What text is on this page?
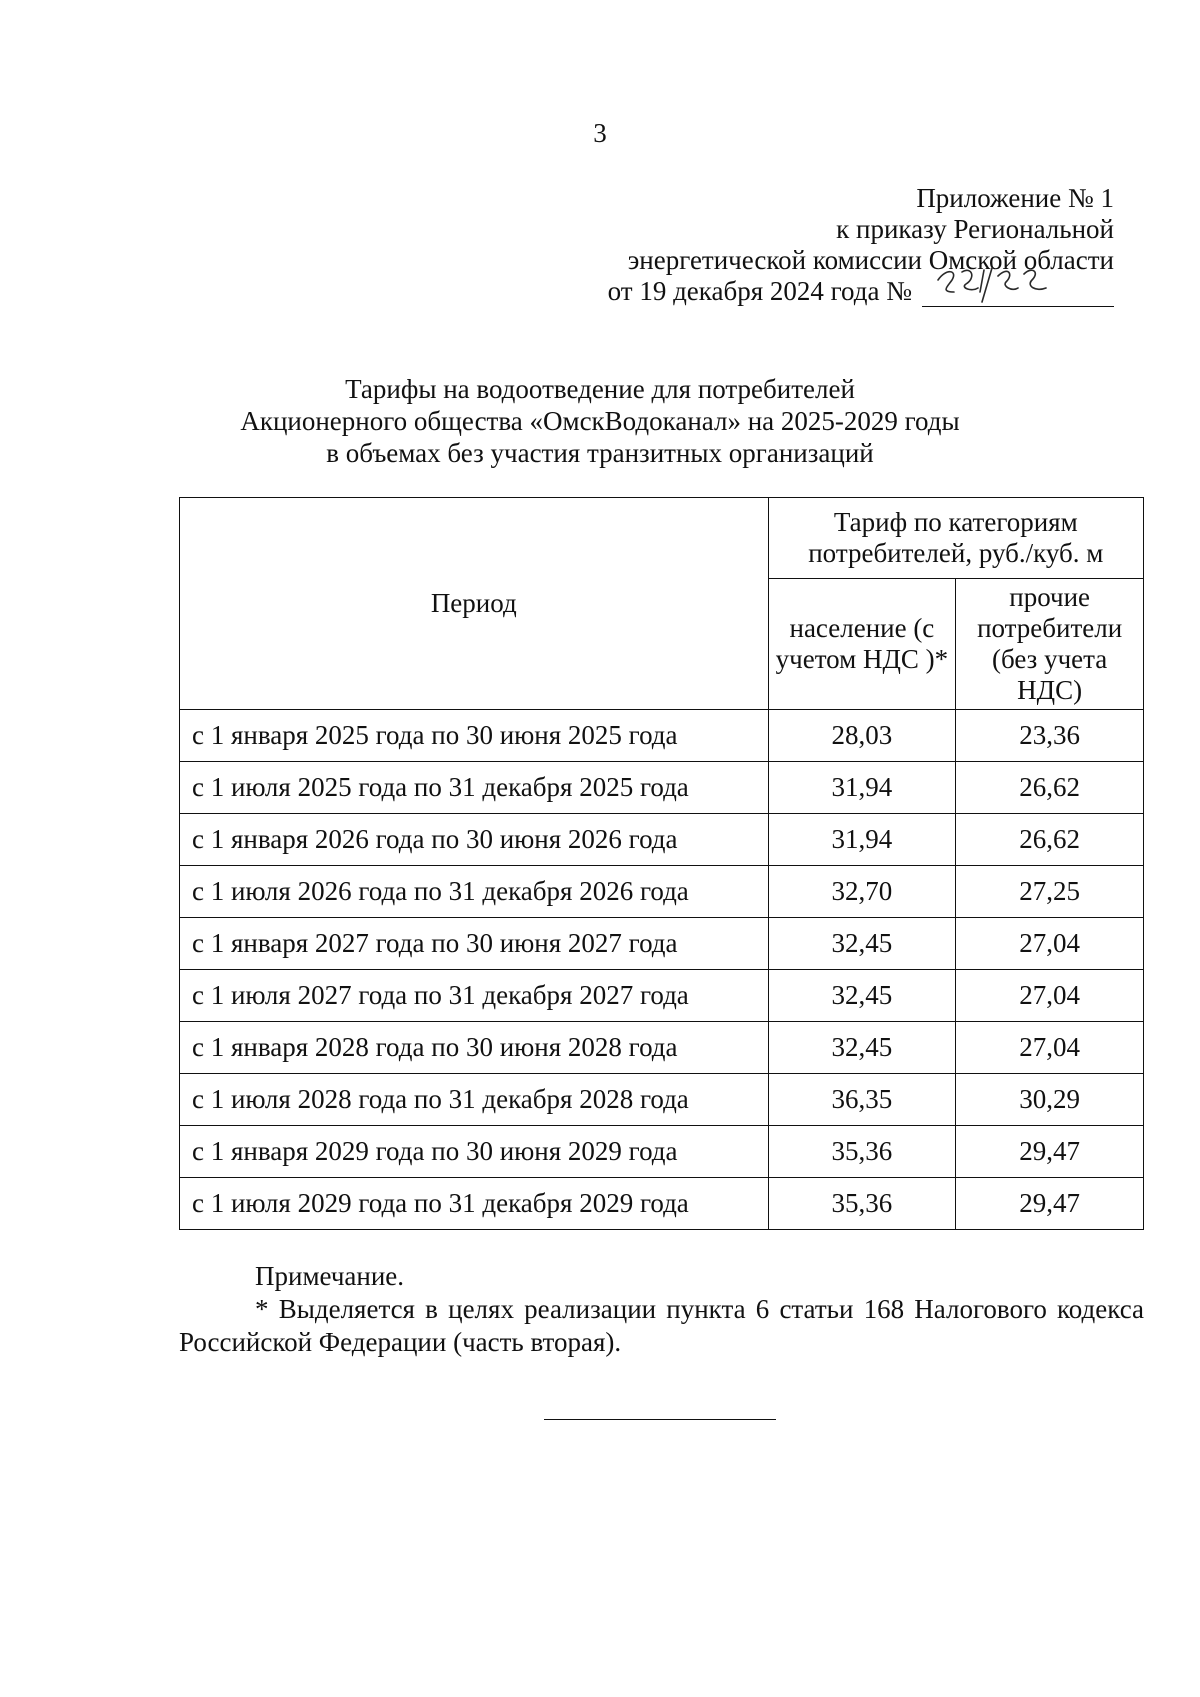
3
Приложение № 1
к приказу Региональной
энергетической комиссии Омской области
от 19 декабря 2024 года №
Тарифы на водоотведение для потребителей
Акционерного общества «ОмскВодоканал» на 2025-2029 годы
в объемах без участия транзитных организаций
Период	Тариф по категориям потребителей, руб./куб. м	
	население (с учетом НДС )*	прочие потребители (без учета НДС)
с 1 января 2025 года по 30 июня 2025 года	28,03	23,36
с 1 июля 2025 года по 31 декабря 2025 года	31,94	26,62
с 1 января 2026 года по 30 июня 2026 года	31,94	26,62
с 1 июля 2026 года по 31 декабря 2026 года	32,70	27,25
с 1 января 2027 года по 30 июня 2027 года	32,45	27,04
с 1 июля 2027 года по 31 декабря 2027 года	32,45	27,04
с 1 января 2028 года по 30 июня 2028 года	32,45	27,04
с 1 июля 2028 года по 31 декабря 2028 года	36,35	30,29
с 1 января 2029 года по 30 июня 2029 года	35,36	29,47
с 1 июля 2029 года по 31 декабря 2029 года	35,36	29,47
Примечание.
* Выделяется в целях реализации пункта 6 статьи 168 Налогового кодекса Российской Федерации (часть вторая).
